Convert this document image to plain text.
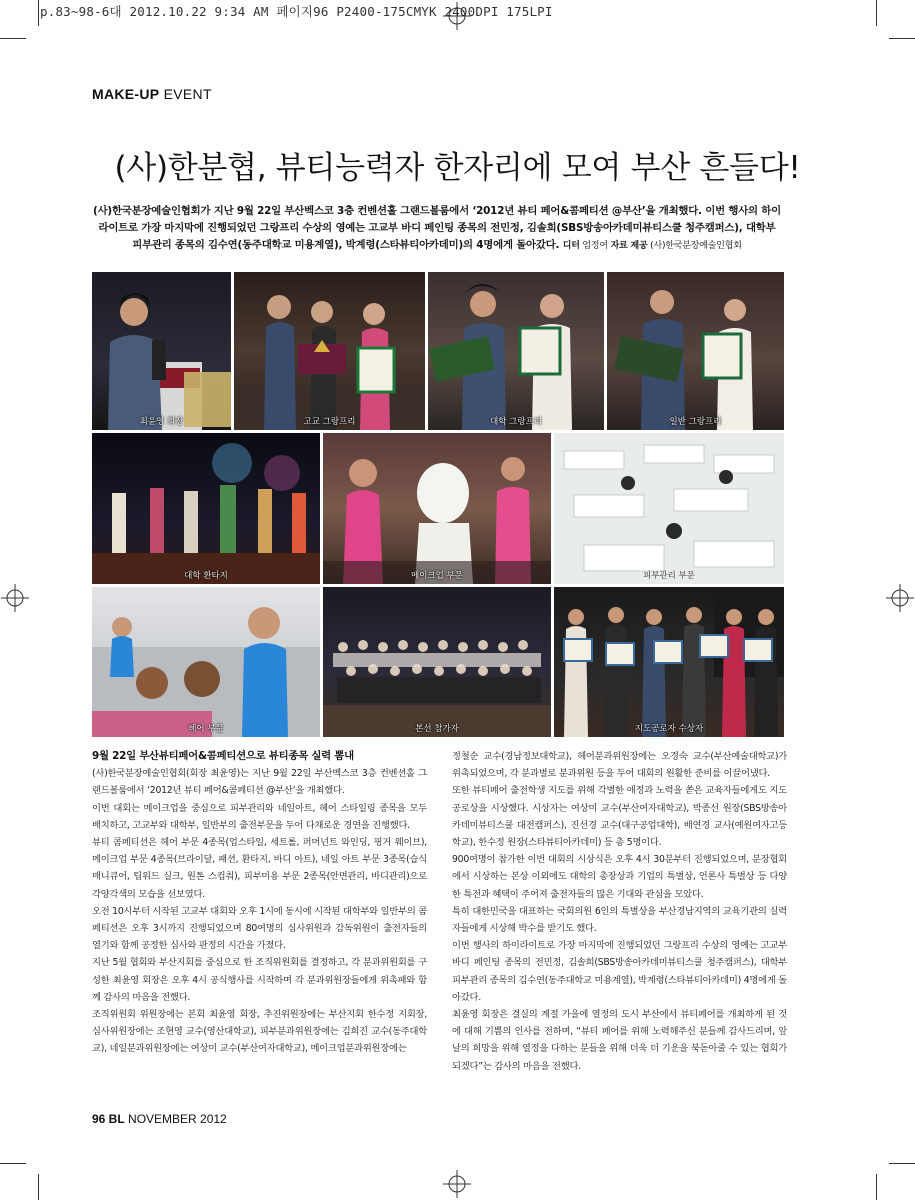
p.83~98-6대 2012.10.22 9:34 AM 페이지96 P2400-175CMYK 2400DPI 175LPI
MAKE-UP EVENT
(사)한분협, 뷰티능력자 한자리에 모여 부산 흔들다!

(사)한국분장예술인협회가 지난 9월 22일 부산벡스코 3층 컨벤션홀 그랜드볼룸에서 ‘2012년 뷰티 페어&콤페티션 @부산’을 개최했다. 이번 행사의 하이라이트로 가장 마지막에 진행되었던 그랑프리 수상의 영예는 고교부 바디 페인팅 종목의 전민정, 김솔희(SBS방송아카데미뷰티스쿨 청주캠퍼스), 대학부 피부관리 종목의 김수연(동주대학교 미용계열), 박계령(스타뷰티아카데미)의 4명에게 돌아갔다. 디터 엄정여 자료 제공 (사)한국분장예술인협회

최윤영 회장	고교 그랑프리	대학 그랑프리	일반 그랑프리
대학 환타지	메이크업 부문	피부관리 부문
헤어 부문	본선 참가자	지도공로자 수상자

9월 22일 부산뷰티페어&콤페티션으로 뷰티종목 실력 뽐내

(사)한국분장예술인협회(회장 최윤영)는 지난 9월 22일 부산벡스코 3층 컨벤션홀 그랜드볼룸에서 ‘2012년 뷰티 페어&콤페티션 @부산’을 개최했다.

이번 대회는 메이크업을 중심으로 피부관리와 네일아트, 헤어 스타일링 종목을 모두 배치하고, 고교부와 대학부, 일반부의 출전부문을 두어 다채로운 경연을 진행했다.

뷰티 콤페티션은 헤어 부문 4종목(업스타일, 세트롤, 퍼머넌트 와인딩, 핑거 웨이브), 메이크업 부문 4종목(브라이달, 패션, 환타지, 바디 아트), 네일 아트 부문 3종목(습식 매니큐어, 팁위드 실크, 원톤 스컵춰), 피부미용 부문 2종목(안면관리, 바디관리)으로 각양각색의 모습을 선보였다.

오전 10시부터 시작된 고교부 대회와 오후 1시에 동시에 시작된 대학부와 일반부의 콤페티션은 오후 3시까지 진행되었으며 80여명의 심사위원과 감독위원이 출전자들의 열기와 함께 공정한 심사와 판정의 시간을 가졌다.

지난 5월 협회와 부산지회를 중심으로 한 조직위원회를 결정하고, 각 분과위원회를 구성한 최윤영 회장은 오후 4시 공식행사를 시작하며 각 분과위원장들에게 위촉패와 함께 감사의 마음을 전했다.

조직위원회 위원장에는 본회 최윤영 회장, 추진위원장에는 부산지회 한수정 지회장, 심사위원장에는 조현영 교수(영산대학교), 피부분과위원장에는 김희진 교수(동주대학교), 네일분과위원장에는 여상미 교수(부산여자대학교), 메이크업분과위원장에는

정철순 교수(경남정보대학교), 헤어분과위원장에는 오경숙 교수(부산예술대학교)가 위촉되었으며, 각 분과별로 분과위원 등을 두어 대회의 원활한 준비를 이끌어냈다.

또한 뷰티페어 출전학생 지도를 위해 각별한 애정과 노력을 쏟은 교육자들에게도 지도공로상을 시상했다. 시상자는 여상미 교수(부산여자대학교), 박종선 원장(SBS방송아카데미뷰티스쿨 대전캠퍼스), 진선경 교수(대구공업대학), 배연경 교사(예원여자고등학교), 한수정 원장(스타뷰티아카데미) 등 총 5명이다.

900여명이 참가한 이번 대회의 시상식은 오후 4시 30분부터 진행되었으며, 분장협회에서 시상하는 본상 이외에도 대학의 총장상과 기업의 특별상, 언론사 특별상 등 다양한 특전과 혜택이 주어져 출전자들의 많은 기대와 관심을 모았다.

특히 대한민국을 대표하는 국회의원 6인의 특별상을 부산경남지역의 교육기관의 실력자들에게 시상해 박수를 받기도 했다.

이번 행사의 하이라이트로 가장 마지막에 진행되었던 그랑프리 수상의 영예는 고교부 바디 페인팅 종목의 전민정, 김솔희(SBS방송아카데미뷰티스쿨 청주캠퍼스), 대학부 피부관리 종목의 김수연(동주대학교 미용계열), 박계령(스타뷰티아카데미) 4명에게 돌아갔다.

최윤영 회장은 결실의 계절 가을에 열정의 도시 부산에서 뷰티페어를 개최하게 된 것에 대해 기쁨의 인사를 전하며, “뷰티 페어를 위해 노력해주신 분들께 감사드리며, 앞날의 희망을 위해 열정을 다하는 분들을 위해 더욱 더 기운을 북돋아줄 수 있는 협회가 되겠다”는 감사의 마음을 전했다.

96 BL NOVEMBER 2012
